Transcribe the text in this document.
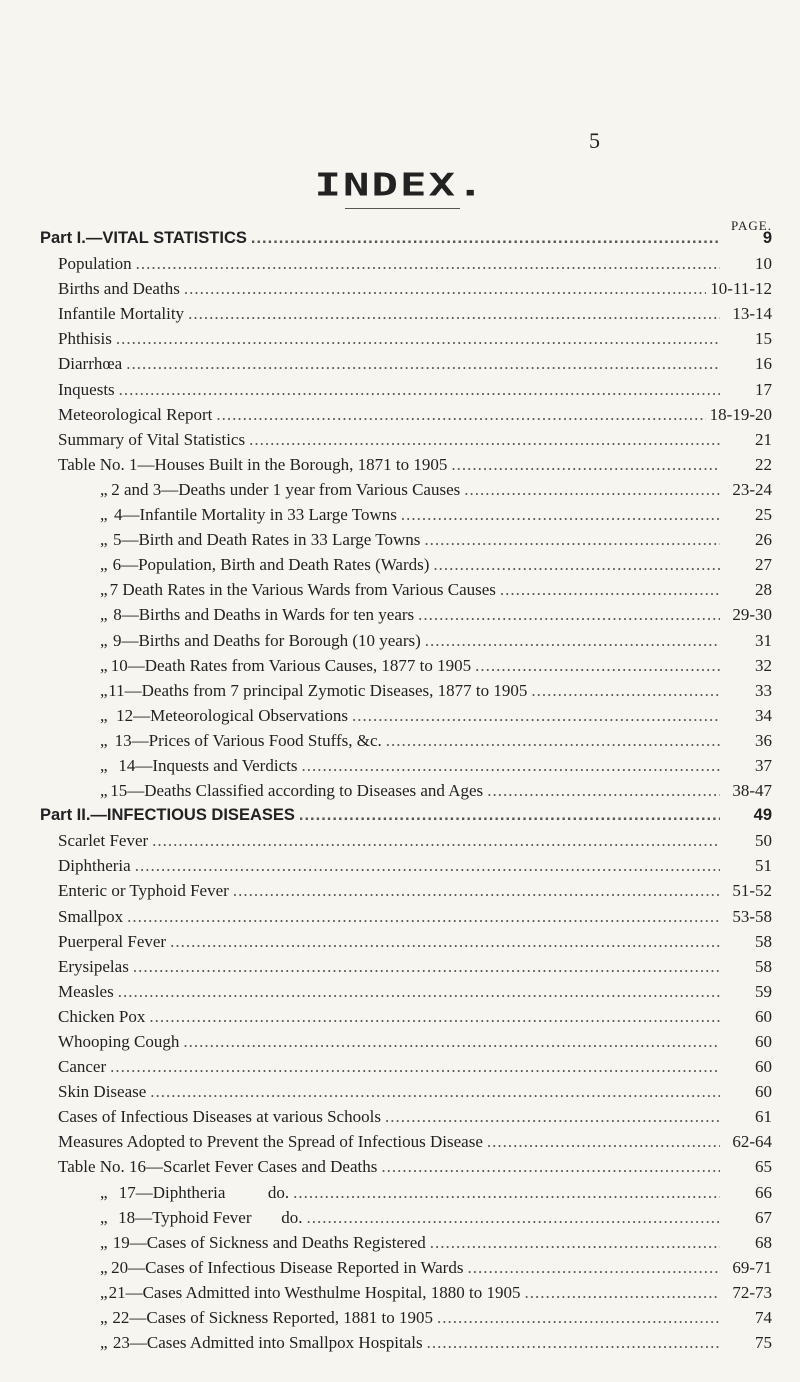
5
INDEX.
PAGE.
Part I.—VITAL STATISTICS .....	9
Population .....	10
Births and Deaths .....	10-11-12
Infantile Mortality .....	13-14
Phthisis .....	15
Diarrhœa .....	16
Inquests .....	17
Meteorological Report .....	18-19-20
Summary of Vital Statistics .....	21
Table No. 1—Houses Built in the Borough, 1871 to 1905 .....	22
„ 2 and 3—Deaths under 1 year from Various Causes .....	23-24
„ 4—Infantile Mortality in 33 Large Towns .....	25
„ 5—Birth and Death Rates in 33 Large Towns .....	26
„ 6—Population, Birth and Death Rates (Wards) .....	27
„ 7 Death Rates in the Various Wards from Various Causes .....	28
„ 8—Births and Deaths in Wards for ten years .....	29-30
„ 9—Births and Deaths for Borough (10 years) .....	31
„ 10—Death Rates from Various Causes, 1877 to 1905 .....	32
„ 11—Deaths from 7 principal Zymotic Diseases, 1877 to 1905 .....	33
„ 12—Meteorological Observations .....	34
„ 13—Prices of Various Food Stuffs, &c. .....	36
„ 14—Inquests and Verdicts .....	37
„ 15—Deaths Classified according to Diseases and Ages .....	38-47
Part II.—INFECTIOUS DISEASES .....	49
Scarlet Fever .....	50
Diphtheria .....	51
Enteric or Typhoid Fever .....	51-52
Smallpox .....	53-58
Puerperal Fever .....	58
Erysipelas .....	58
Measles .....	59
Chicken Pox .....	60
Whooping Cough .....	60
Cancer .....	60
Skin Disease .....	60
Cases of Infectious Diseases at various Schools .....	61
Measures Adopted to Prevent the Spread of Infectious Disease .....	62-64
Table No. 16—Scarlet Fever Cases and Deaths .....	65
„ 17—Diphtheria          do. .....	66
„ 18—Typhoid Fever       do. .....	67
„ 19—Cases of Sickness and Deaths Registered .....	68
„ 20—Cases of Infectious Disease Reported in Wards .....	69-71
„ 21—Cases Admitted into Westhulme Hospital, 1880 to 1905 .....	72-73
„ 22—Cases of Sickness Reported, 1881 to 1905 .....	74
„ 23—Cases Admitted into Smallpox Hospitals .....	75
